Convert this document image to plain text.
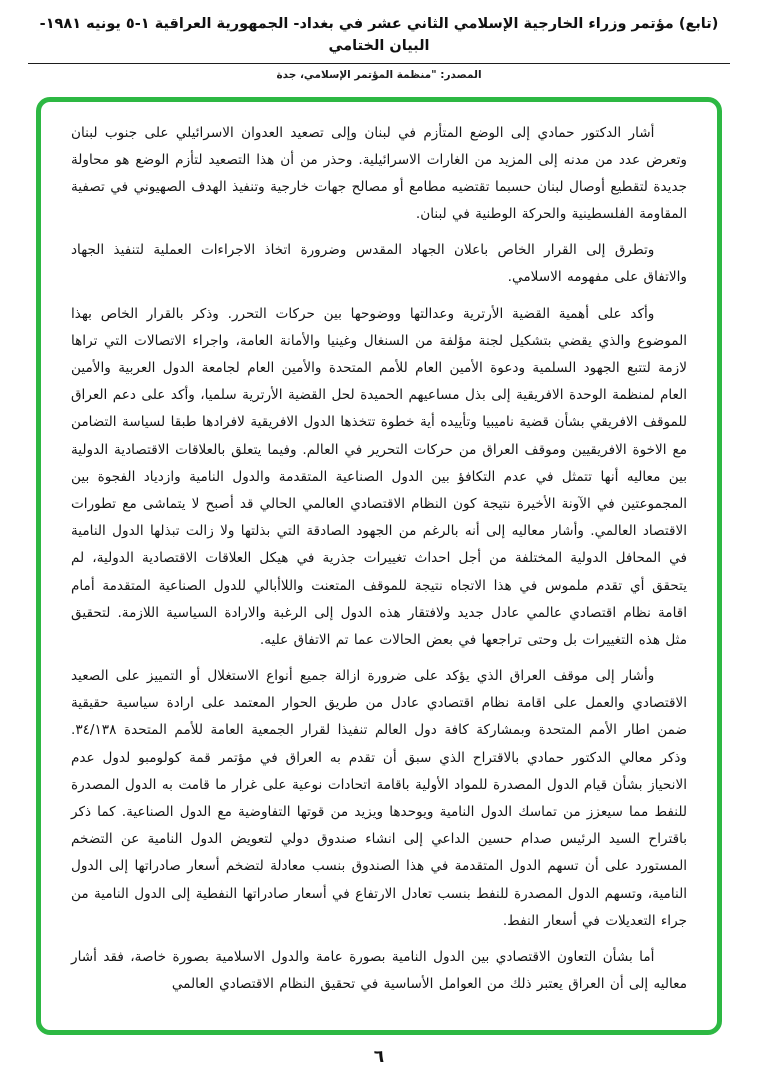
(تابع) مؤتمر وزراء الخارجية الإسلامي الثاني عشر في بغداد- الجمهورية العراقية ١-٥ يونيه ١٩٨١- البيان الختامي
المصدر: "منظمة المؤتمر الإسلامي، جدة

أشار الدكتور حمادي إلى الوضع المتأزم في لبنان وإلى تصعيد العدوان الاسرائيلي على جنوب لبنان وتعرض عدد من مدنه إلى المزيد من الغارات الاسرائيلية. وحذر من أن هذا التصعيد لتأزم الوضع هو محاولة جديدة لتقطيع أوصال لبنان حسبما تقتضيه مطامع أو مصالح جهات خارجية وتنفيذ الهدف الصهيوني في تصفية المقاومة الفلسطينية والحركة الوطنية في لبنان.

وتطرق إلى القرار الخاص باعلان الجهاد المقدس وضرورة اتخاذ الاجراءات العملية لتنفيذ الجهاد والاتفاق على مفهومه الاسلامي.

وأكد على أهمية القضية الأرترية وعدالتها ووضوحها بين حركات التحرر. وذكر بالقرار الخاص بهذا الموضوع والذي يقضي بتشكيل لجنة مؤلفة من السنغال وغينيا والأمانة العامة، واجراء الاتصالات التي تراها لازمة لتتبع الجهود السلمية ودعوة الأمين العام للأمم المتحدة والأمين العام لجامعة الدول العربية والأمين العام لمنظمة الوحدة الافريقية إلى بذل مساعيهم الحميدة لحل القضية الأرترية سلميا، وأكد على دعم العراق للموقف الافريقي بشأن قضية ناميبيا وتأييده أية خطوة تتخذها الدول الافريقية لافرادها طبقا لسياسة التضامن مع الاخوة الافريقيين وموقف العراق من حركات التحرير في العالم. وفيما يتعلق بالعلاقات الاقتصادية الدولية بين معاليه أنها تتمثل في عدم التكافؤ بين الدول الصناعية المتقدمة والدول النامية وازدياد الفجوة بين المجموعتين في الآونة الأخيرة نتيجة كون النظام الاقتصادي العالمي الحالي قد أصبح لا يتماشى مع تطورات الاقتصاد العالمي. وأشار معاليه إلى أنه بالرغم من الجهود الصادقة التي بذلتها ولا زالت تبذلها الدول النامية في المحافل الدولية المختلفة من أجل احداث تغييرات جذرية في هيكل العلاقات الاقتصادية الدولية، لم يتحقق أي تقدم ملموس في هذا الاتجاه نتيجة للموقف المتعنت واللاأبالي للدول الصناعية المتقدمة أمام اقامة نظام اقتصادي عالمي عادل جديد ولافتقار هذه الدول إلى الرغبة والارادة السياسية اللازمة. لتحقيق مثل هذه التغييرات بل وحتى تراجعها في بعض الحالات عما تم الاتفاق عليه.

وأشار إلى موقف العراق الذي يؤكد على ضرورة ازالة جميع أنواع الاستغلال أو التمييز على الصعيد الاقتصادي والعمل على اقامة نظام اقتصادي عادل من طريق الحوار المعتمد على ارادة سياسية حقيقية ضمن اطار الأمم المتحدة وبمشاركة كافة دول العالم تنفيذا لقرار الجمعية العامة للأمم المتحدة ٣٤/١٣٨. وذكر معالي الدكتور حمادي بالاقتراح الذي سبق أن تقدم به العراق في مؤتمر قمة كولومبو لدول عدم الانحياز بشأن قيام الدول المصدرة للمواد الأولية باقامة اتحادات نوعية على غرار ما قامت به الدول المصدرة للنفط مما سيعزز من تماسك الدول النامية ويوحدها ويزيد من قوتها التفاوضية مع الدول الصناعية. كما ذكر باقتراح السيد الرئيس صدام حسين الداعي إلى انشاء صندوق دولي لتعويض الدول النامية عن التضخم المستورد على أن تسهم الدول المتقدمة في هذا الصندوق بنسب معادلة لتضخم أسعار صادراتها إلى الدول النامية، وتسهم الدول المصدرة للنفط بنسب تعادل الارتفاع في أسعار صادراتها النفطية إلى الدول النامية من جراء التعديلات في أسعار النفط.

أما بشأن التعاون الاقتصادي بين الدول النامية بصورة عامة والدول الاسلامية بصورة خاصة، فقد أشار معاليه إلى أن العراق يعتبر ذلك من العوامل الأساسية في تحقيق النظام الاقتصادي العالمي

٦
